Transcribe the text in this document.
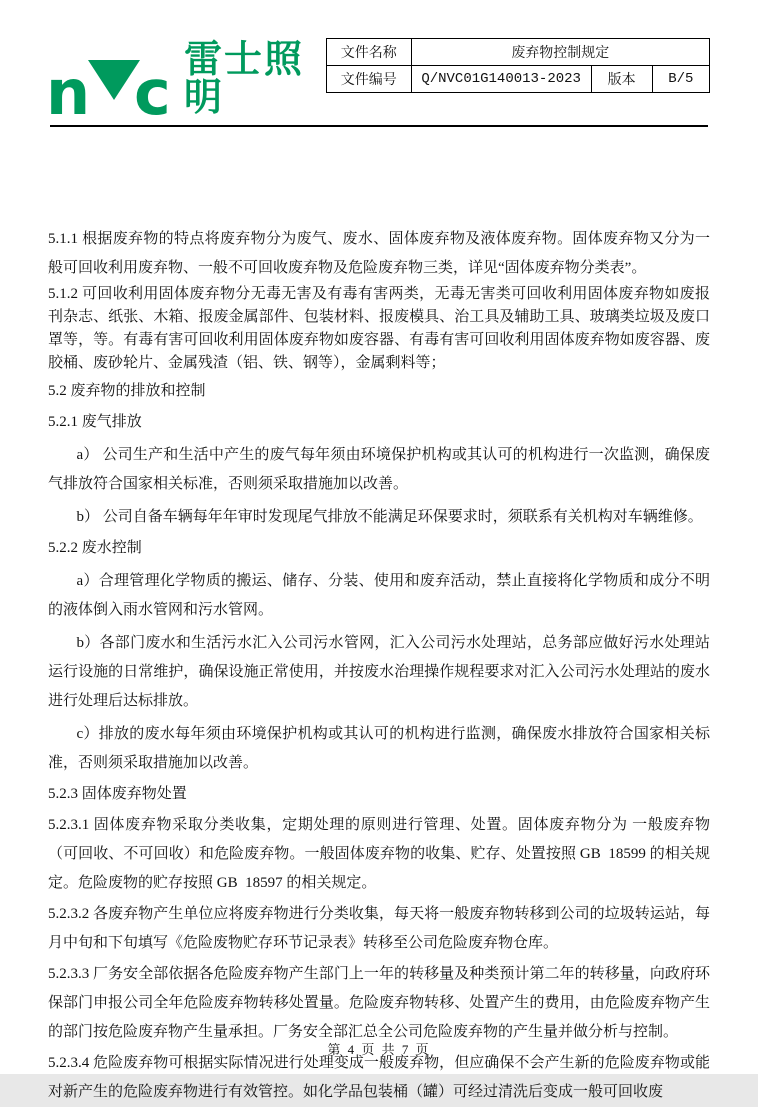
n c 雷士照明
文件名称	废弃物控制规定		
文件编号	Q/NVC01G140013-2023	版本	B/5

5.1.1 根据废弃物的特点将废弃物分为废气、废水、固体废弃物及液体废弃物。固体废弃物又分为一般可回收利用废弃物、一般不可回收废弃物及危险废弃物三类，详见“固体废弃物分类表”。

5.1.2 可回收利用固体废弃物分无毒无害及有毒有害两类，无毒无害类可回收利用固体废弃物如废报刊杂志、纸张、木箱、报废金属部件、包装材料、报废模具、治工具及辅助工具、玻璃类垃圾及废口罩等，等。有毒有害可回收利用固体废弃物如废容器、有毒有害可回收利用固体废弃物如废容器、废胶桶、废砂轮片、金属残渣（铝、铁、钢等），金属剩料等；

5.2 废弃物的排放和控制

5.2.1 废气排放

a） 公司生产和生活中产生的废气每年须由环境保护机构或其认可的机构进行一次监测，确保废气排放符合国家相关标准，否则须采取措施加以改善。

b） 公司自备车辆每年年审时发现尾气排放不能满足环保要求时，须联系有关机构对车辆维修。

5.2.2 废水控制

a）合理管理化学物质的搬运、储存、分装、使用和废弃活动，禁止直接将化学物质和成分不明的液体倒入雨水管网和污水管网。

b）各部门废水和生活污水汇入公司污水管网，汇入公司污水处理站，总务部应做好污水处理站运行设施的日常维护，确保设施正常使用，并按废水治理操作规程要求对汇入公司污水处理站的废水进行处理后达标排放。

c）排放的废水每年须由环境保护机构或其认可的机构进行监测，确保废水排放符合国家相关标准，否则须采取措施加以改善。

5.2.3 固体废弃物处置

5.2.3.1 固体废弃物采取分类收集，定期处理的原则进行管理、处置。固体废弃物分为 一般废弃物（可回收、不可回收）和危险废弃物。一般固体废弃物的收集、贮存、处置按照 GB  18599 的相关规定。危险废物的贮存按照 GB  18597 的相关规定。

5.2.3.2 各废弃物产生单位应将废弃物进行分类收集，每天将一般废弃物转移到公司的垃圾转运站，每月中旬和下旬填写《危险废物贮存环节记录表》转移至公司危险废弃物仓库。

5.2.3.3 厂务安全部依据各危险废弃物产生部门上一年的转移量及种类预计第二年的转移量，向政府环保部门申报公司全年危险废弃物转移处置量。危险废弃物转移、处置产生的费用，由危险废弃物产生的部门按危险废弃物产生量承担。厂务安全部汇总全公司危险废弃物的产生量并做分析与控制。

5.2.3.4 危险废弃物可根据实际情况进行处理变成一般废弃物，但应确保不会产生新的危险废弃物或能对新产生的危险废弃物进行有效管控。如化学品包装桶（罐）可经过清洗后变成一般可回收废

第 4 页 共 7 页
